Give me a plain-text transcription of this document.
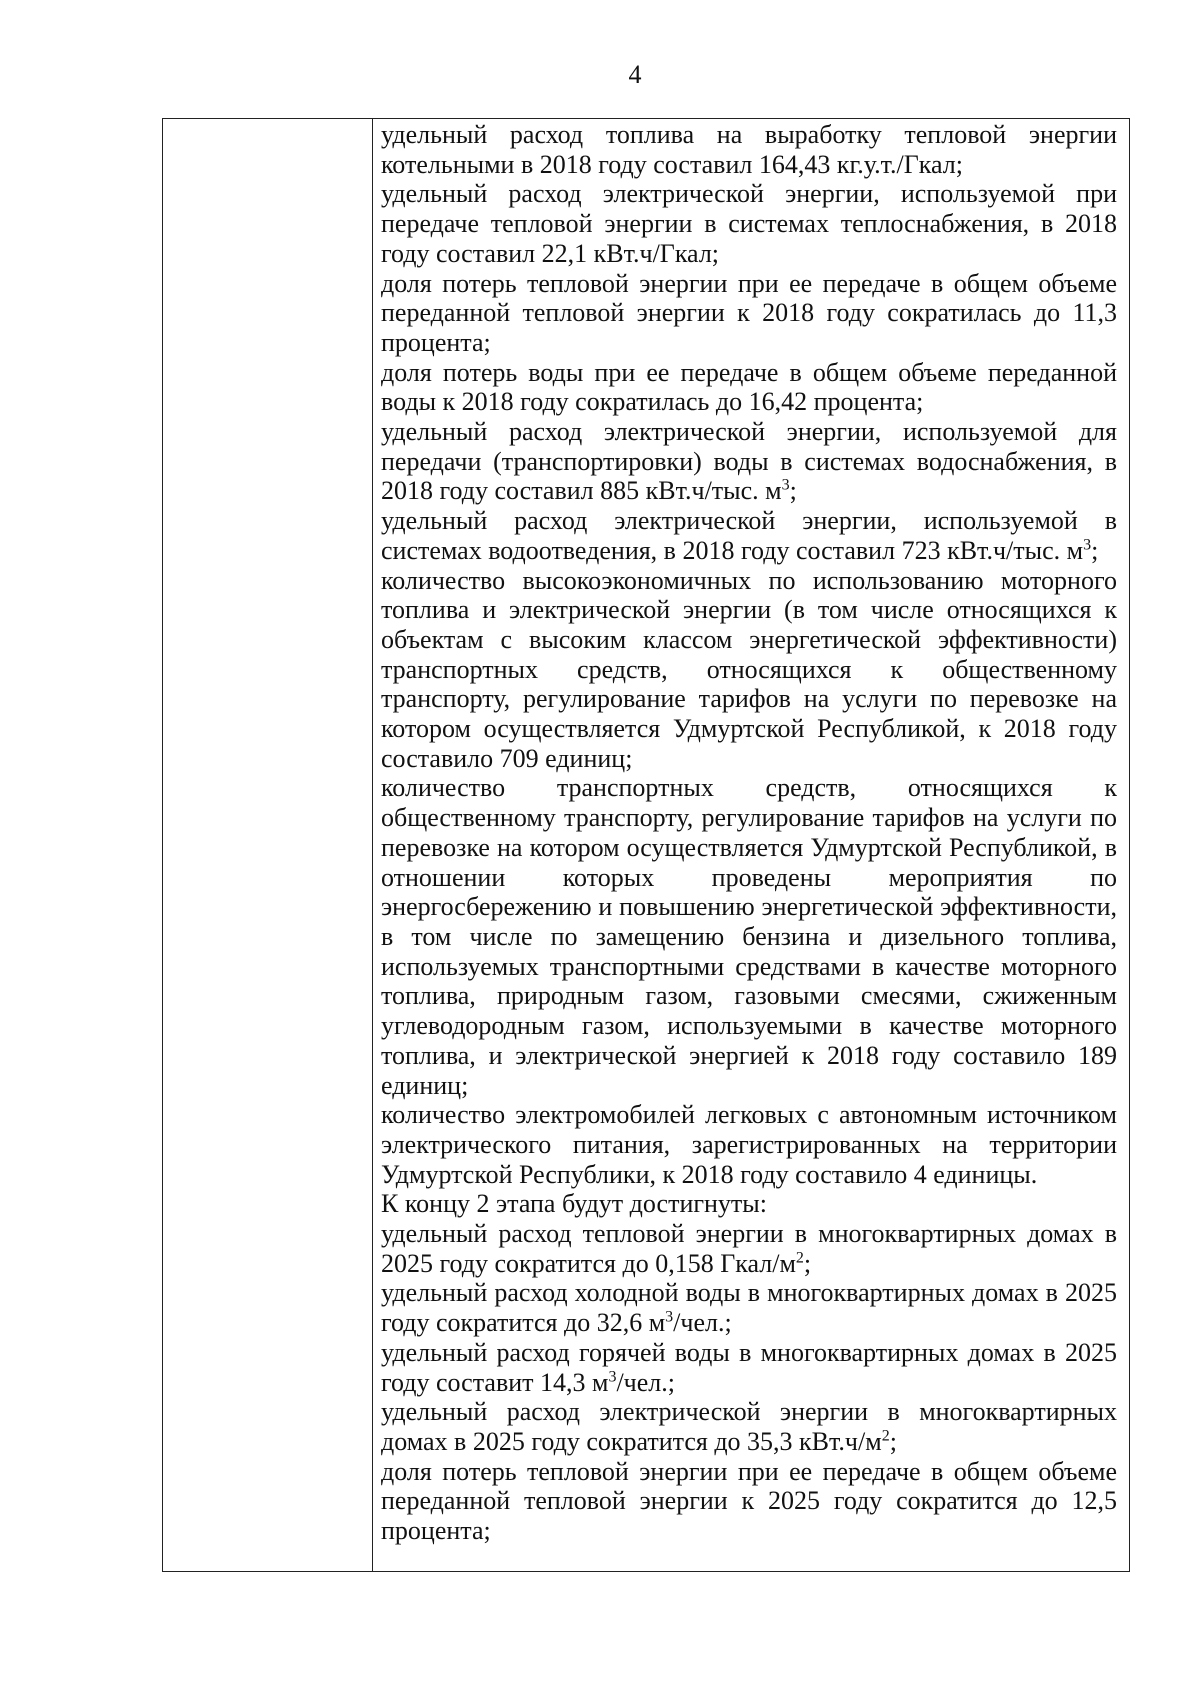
4

удельный расход топлива на выработку тепловой энергии котельными в 2018 году составил 164,43 кг.у.т./Гкал;

удельный расход электрической энергии, используемой при передаче тепловой энергии в системах теплоснабжения, в 2018 году составил 22,1 кВт.ч/Гкал;

доля потерь тепловой энергии при ее передаче в общем объеме переданной тепловой энергии к 2018 году сократилась до 11,3 процента;

доля потерь воды при ее передаче в общем объеме переданной воды к 2018 году сократилась до 16,42 процента;

удельный расход электрической энергии, используемой для передачи (транспортировки) воды в системах водоснабжения, в 2018 году составил 885 кВт.ч/тыс. $м^3$;

удельный расход электрической энергии, используемой в системах водоотведения, в 2018 году составил 723 кВт.ч/тыс. $м^3$;

количество высокоэкономичных по использованию моторного топлива и электрической энергии (в том числе относящихся к объектам с высоким классом энергетической эффективности) транспортных средств, относящихся к общественному транспорту, регулирование тарифов на услуги по перевозке на котором осуществляется Удмуртской Республикой, к 2018 году составило 709 единиц;

количество транспортных средств, относящихся к общественному транспорту, регулирование тарифов на услуги по перевозке на котором осуществляется Удмуртской Республикой, в отношении которых проведены мероприятия по энергосбережению и повышению энергетической эффективности, в том числе по замещению бензина и дизельного топлива, используемых транспортными средствами в качестве моторного топлива, природным газом, газовыми смесями, сжиженным углеводородным газом, используемыми в качестве моторного топлива, и электрической энергией к 2018 году составило 189 единиц;

количество электромобилей легковых с автономным источником электрического питания, зарегистрированных на территории Удмуртской Республики, к 2018 году составило 4 единицы.

К концу 2 этапа будут достигнуты:

удельный расход тепловой энергии в многоквартирных домах в 2025 году сократится до 0,158 Гкал/$м^2$;

удельный расход холодной воды в многоквартирных домах в 2025 году сократится до 32,6 $м^3$/чел.;

удельный расход горячей воды в многоквартирных домах в 2025 году составит 14,3 $м^3$/чел.;

удельный расход электрической энергии в многоквартирных домах в 2025 году сократится до 35,3 $кВт.ч/м^2$;

доля потерь тепловой энергии при ее передаче в общем объеме переданной тепловой энергии к 2025 году сократится до 12,5 процента;
